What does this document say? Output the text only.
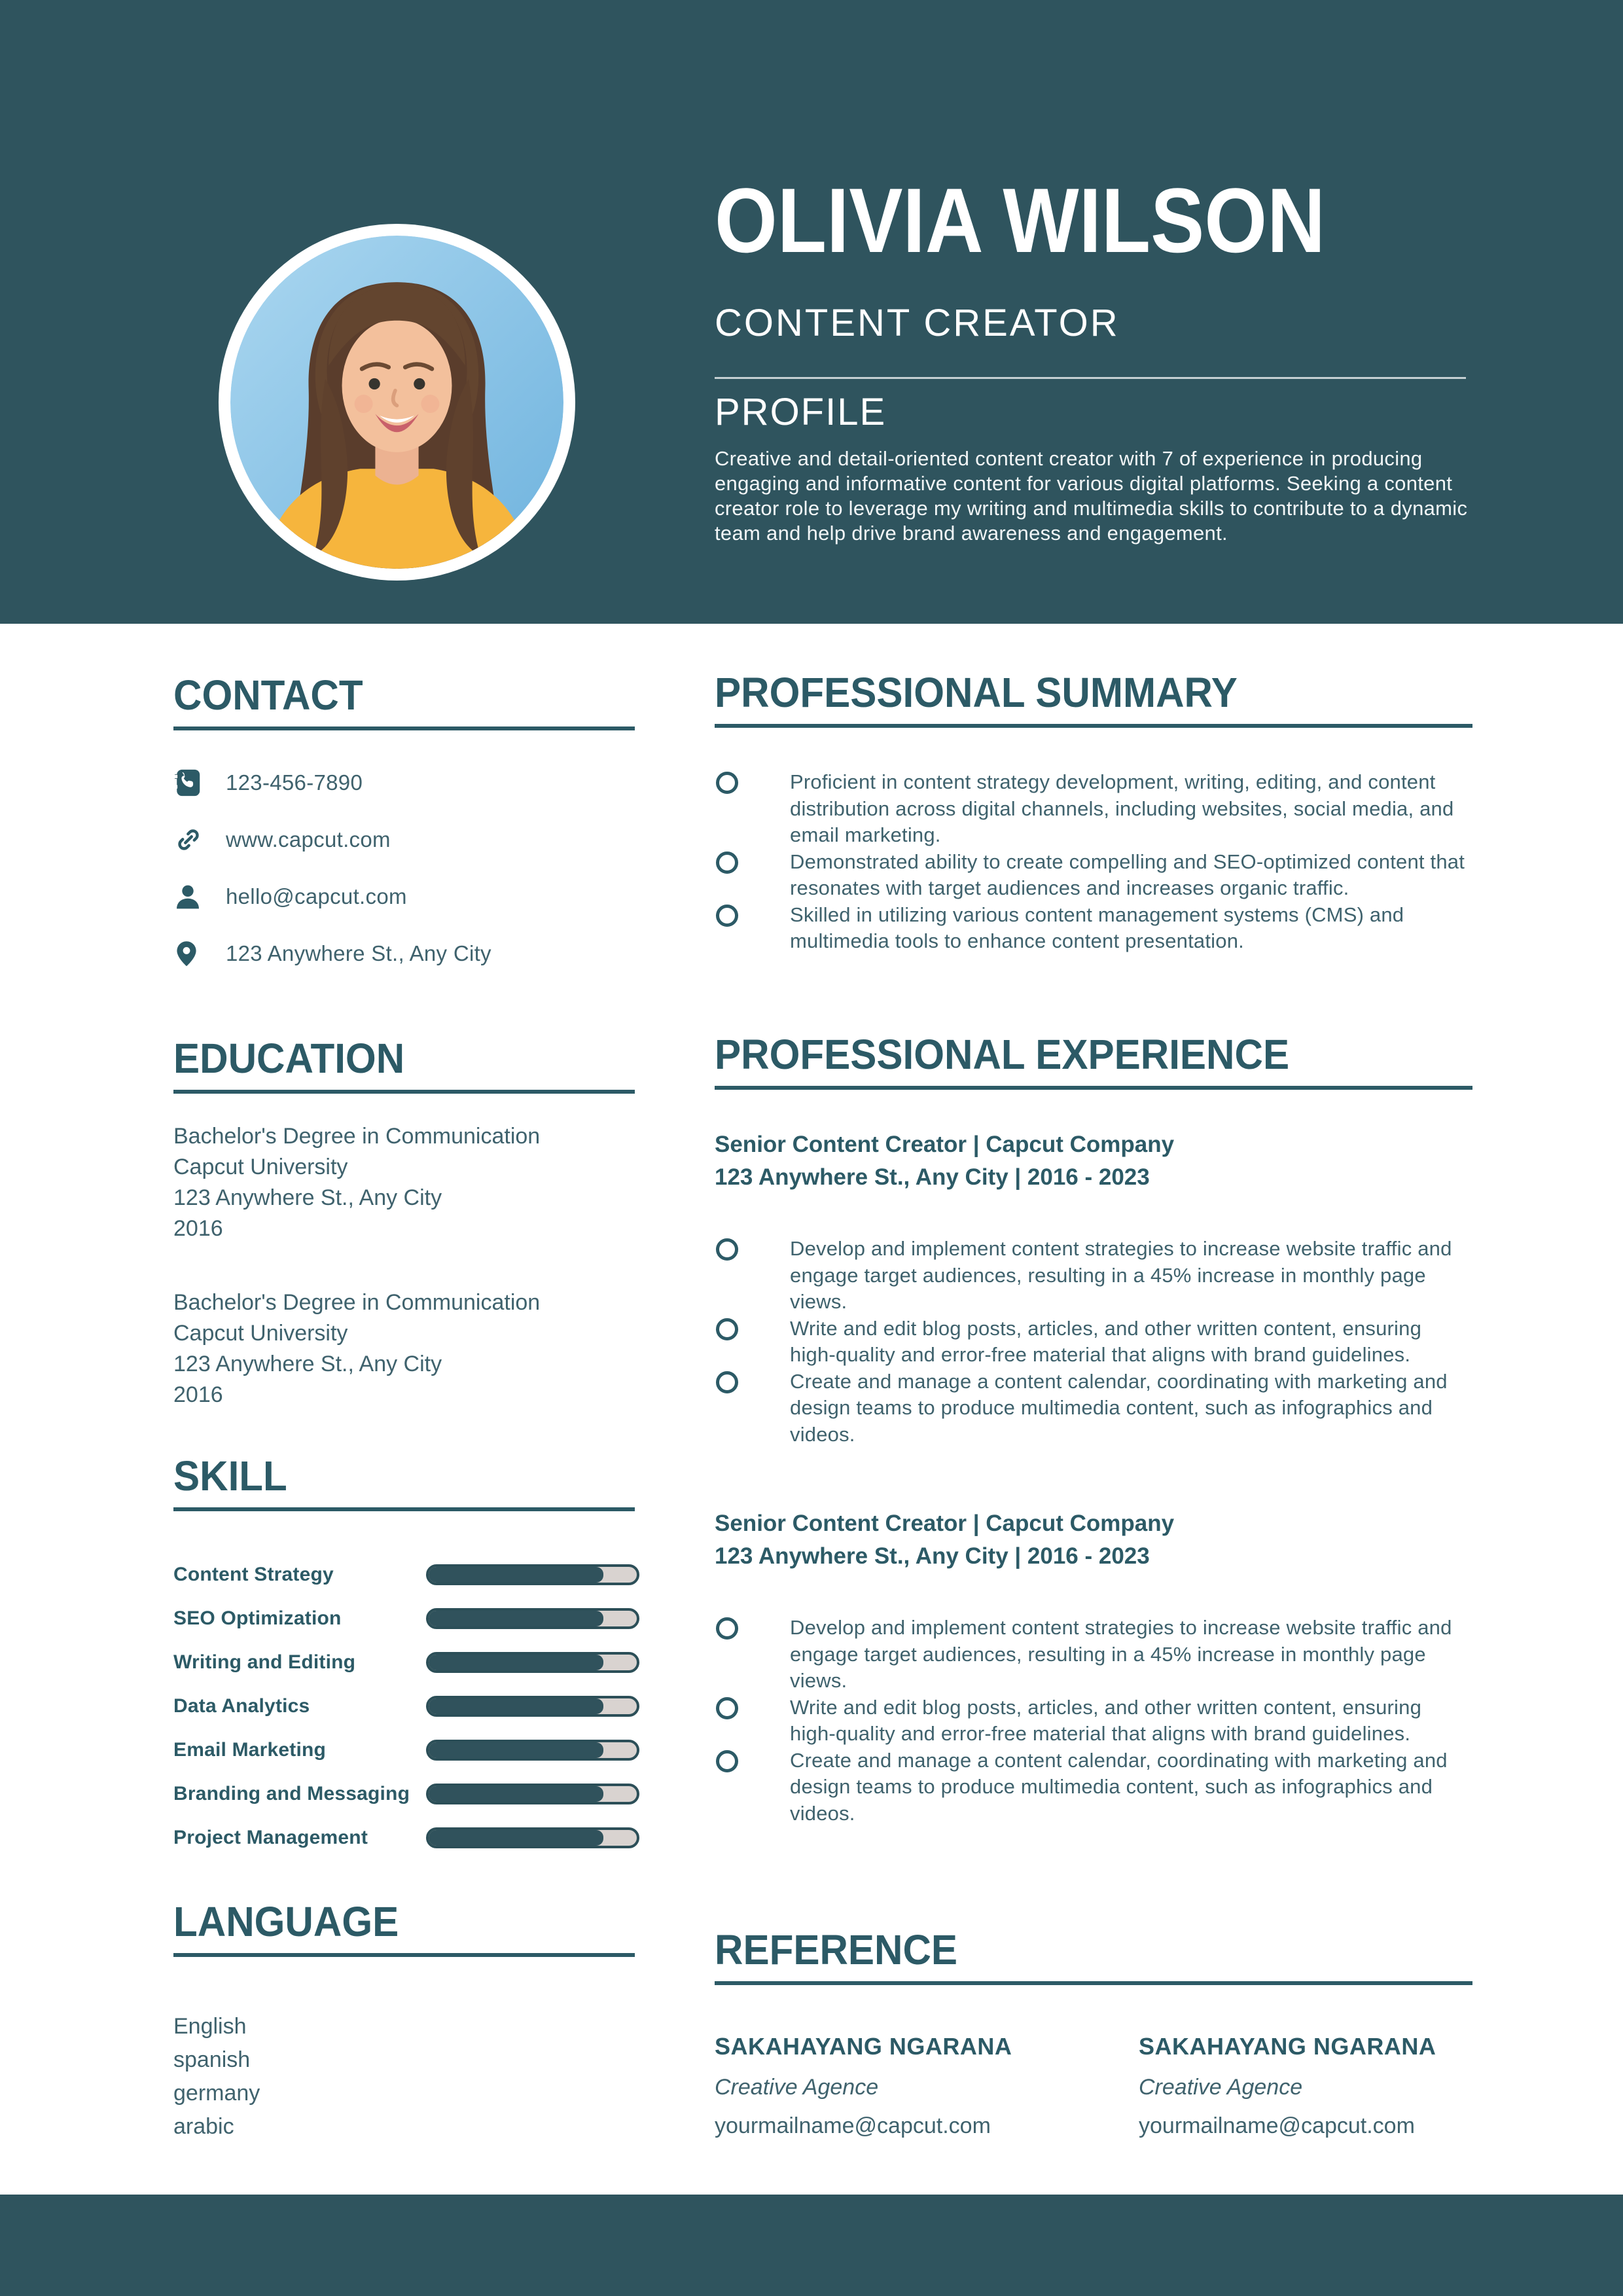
OLIVIA WILSON
CONTENT CREATOR
PROFILE

Creative and detail-oriented content creator with 7 of experience in producing engaging and informative content for various digital platforms. Seeking a content creator role to leverage my writing and multimedia skills to contribute to a dynamic team and help drive brand awareness and engagement.

CONTACT
123-456-7890
www.capcut.com
hello@capcut.com
123 Anywhere St., Any City
EDUCATION
Bachelor's Degree in Communication
Capcut University
123 Anywhere St., Any City
2016
Bachelor's Degree in Communication
Capcut University
123 Anywhere St., Any City
2016
SKILL
Content Strategy
SEO Optimization
Writing and Editing
Data Analytics
Email Marketing
Branding and Messaging
Project Management
LANGUAGE
English
spanish
germany
arabic
PROFESSIONAL SUMMARY
Proficient in content strategy development, writing, editing, and content distribution across digital channels, including websites, social media, and email marketing.
Demonstrated ability to create compelling and SEO-optimized content that resonates with target audiences and increases organic traffic.
Skilled in utilizing various content management systems (CMS) and multimedia tools to enhance content presentation.
PROFESSIONAL EXPERIENCE
Senior Content Creator | Capcut Company
123 Anywhere St., Any City | 2016 - 2023
Develop and implement content strategies to increase website traffic and engage target audiences, resulting in a 45% increase in monthly page views.
Write and edit blog posts, articles, and other written content, ensuring high-quality and error-free material that aligns with brand guidelines.
Create and manage a content calendar, coordinating with marketing and design teams to produce multimedia content, such as infographics and videos.
Senior Content Creator | Capcut Company
123 Anywhere St., Any City | 2016 - 2023
Develop and implement content strategies to increase website traffic and engage target audiences, resulting in a 45% increase in monthly page views.
Write and edit blog posts, articles, and other written content, ensuring high-quality and error-free material that aligns with brand guidelines.
Create and manage a content calendar, coordinating with marketing and design teams to produce multimedia content, such as infographics and videos.
REFERENCE
SAKAHAYANG NGARANA
Creative Agence
yourmailname@capcut.com
SAKAHAYANG NGARANA
Creative Agence
yourmailname@capcut.com
